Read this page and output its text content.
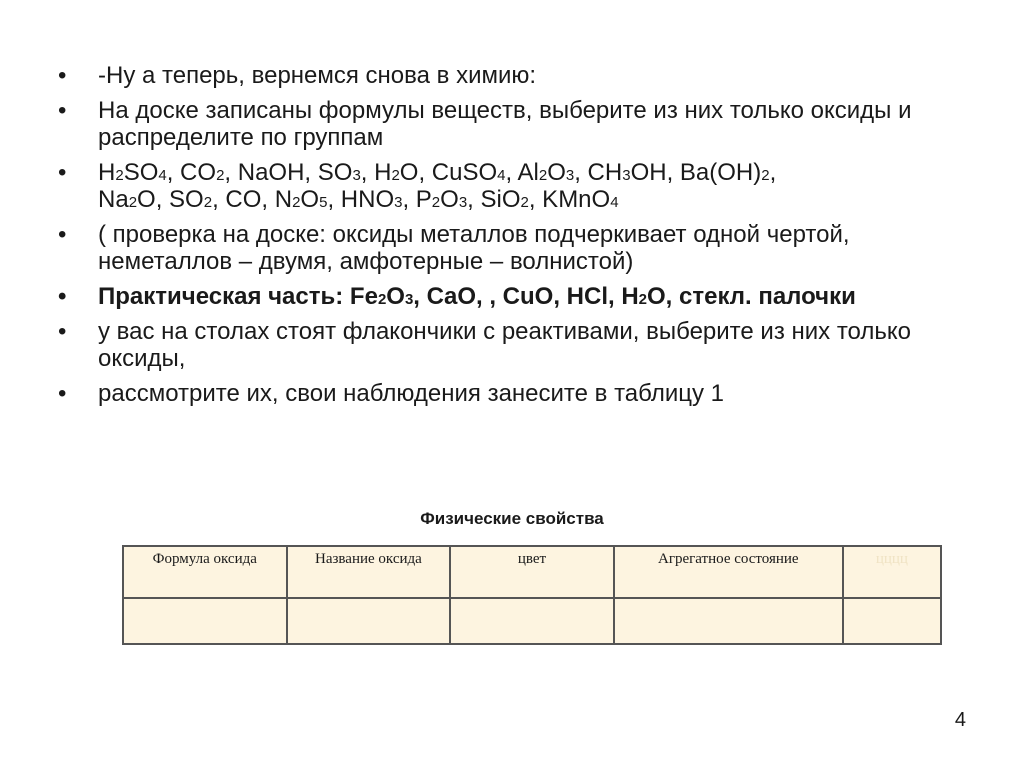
•	-Ну а теперь, вернемся снова в химию:
•	На доске записаны формулы веществ, выберите из них только оксиды и распределите по группам
•	H2SO4, CO2, NaOH, SO3, H2O, CuSO4, Al2O3, CH3OH, Ba(OH)2,
Na2O, SO2, CO, N2O5, HNO3, P2O3, SiO2, KMnO4
•	( проверка на доске: оксиды металлов подчеркивает одной чертой, неметаллов – двумя, амфотерные – волнистой)
•	Практическая часть: Fe2O3, CaO, , CuO, HCl, H2O, стекл. палочки
•	у вас на столах стоят флакончики с реактивами, выберите из них только оксиды,
•	рассмотрите их, свои наблюдения занесите в таблицу 1
Физические свойства
Формула оксида	Название оксида	цвет	Агрегатное состояние	цццц

4
